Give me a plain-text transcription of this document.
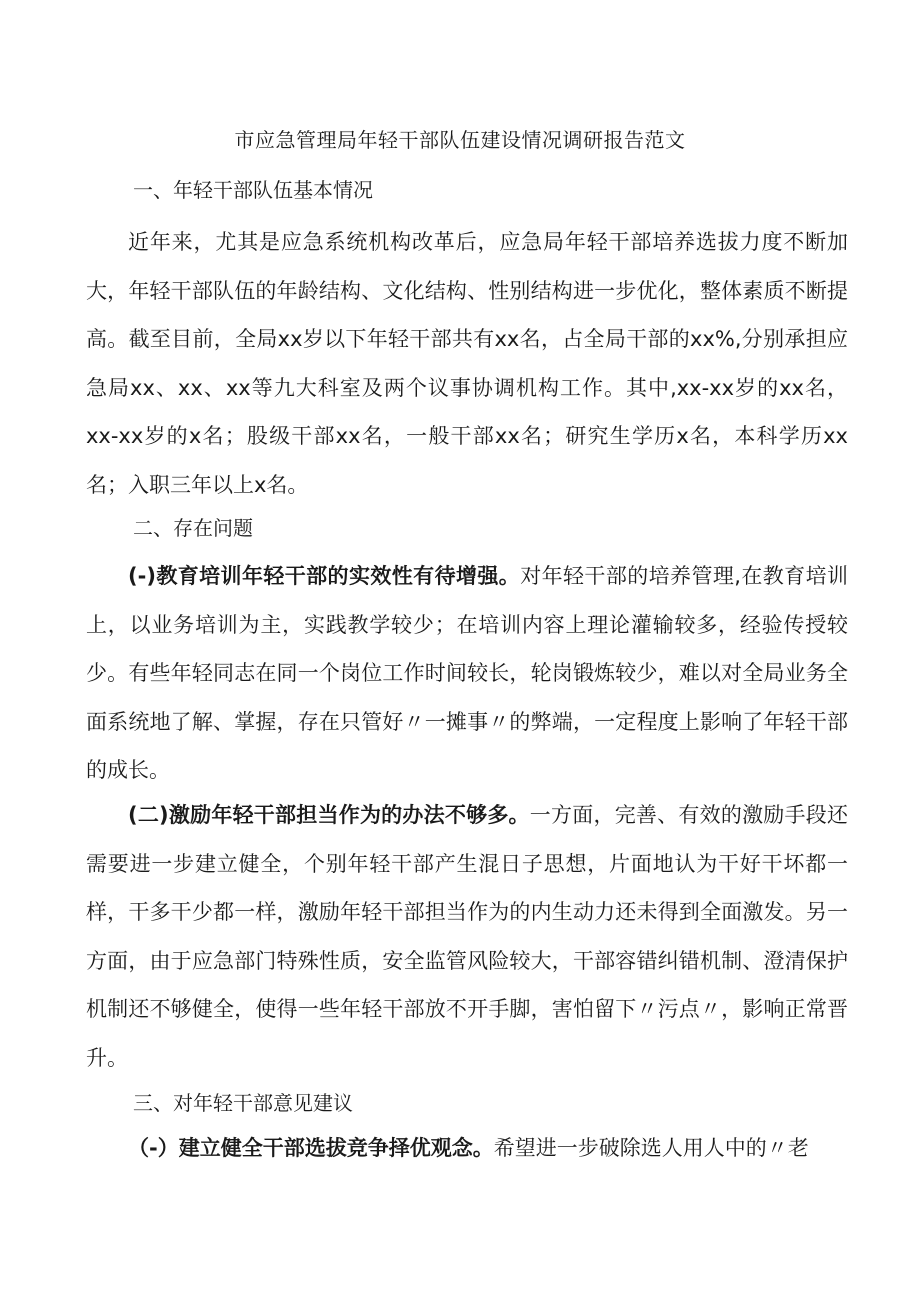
市应急管理局年轻干部队伍建设情况调研报告范文
一、年轻干部队伍基本情况

近年来，尤其是应急系统机构改革后，应急局年轻干部培养选拔力度不断加大，年轻干部队伍的年龄结构、文化结构、性别结构进一步优化，整体素质不断提高。截至目前，全局xx岁以下年轻干部共有xx名，占全局干部的xx%,分别承担应急局xx、xx、xx等九大科室及两个议事协调机构工作。其中,xx-xx岁的xx名，xx-xx岁的x名；股级干部xx名，一般干部xx名；研究生学历x名，本科学历xx名；入职三年以上x名。

二、存在问题

(-)教育培训年轻干部的实效性有待增强。对年轻干部的培养管理,在教育培训上，以业务培训为主，实践教学较少；在培训内容上理论灌输较多，经验传授较少。有些年轻同志在同一个岗位工作时间较长，轮岗锻炼较少，难以对全局业务全面系统地了解、掌握，存在只管好〃一摊事〃的弊端，一定程度上影响了年轻干部的成长。

(二)激励年轻干部担当作为的办法不够多。一方面，完善、有效的激励手段还需要进一步建立健全，个别年轻干部产生混日子思想，片面地认为干好干坏都一样，干多干少都一样，激励年轻干部担当作为的内生动力还未得到全面激发。另一方面，由于应急部门特殊性质，安全监管风险较大，干部容错纠错机制、澄清保护机制还不够健全，使得一些年轻干部放不开手脚，害怕留下〃污点〃，影响正常晋升。

三、对年轻干部意见建议

（-）建立健全干部选拔竞争择优观念。希望进一步破除选人用人中的〃老
